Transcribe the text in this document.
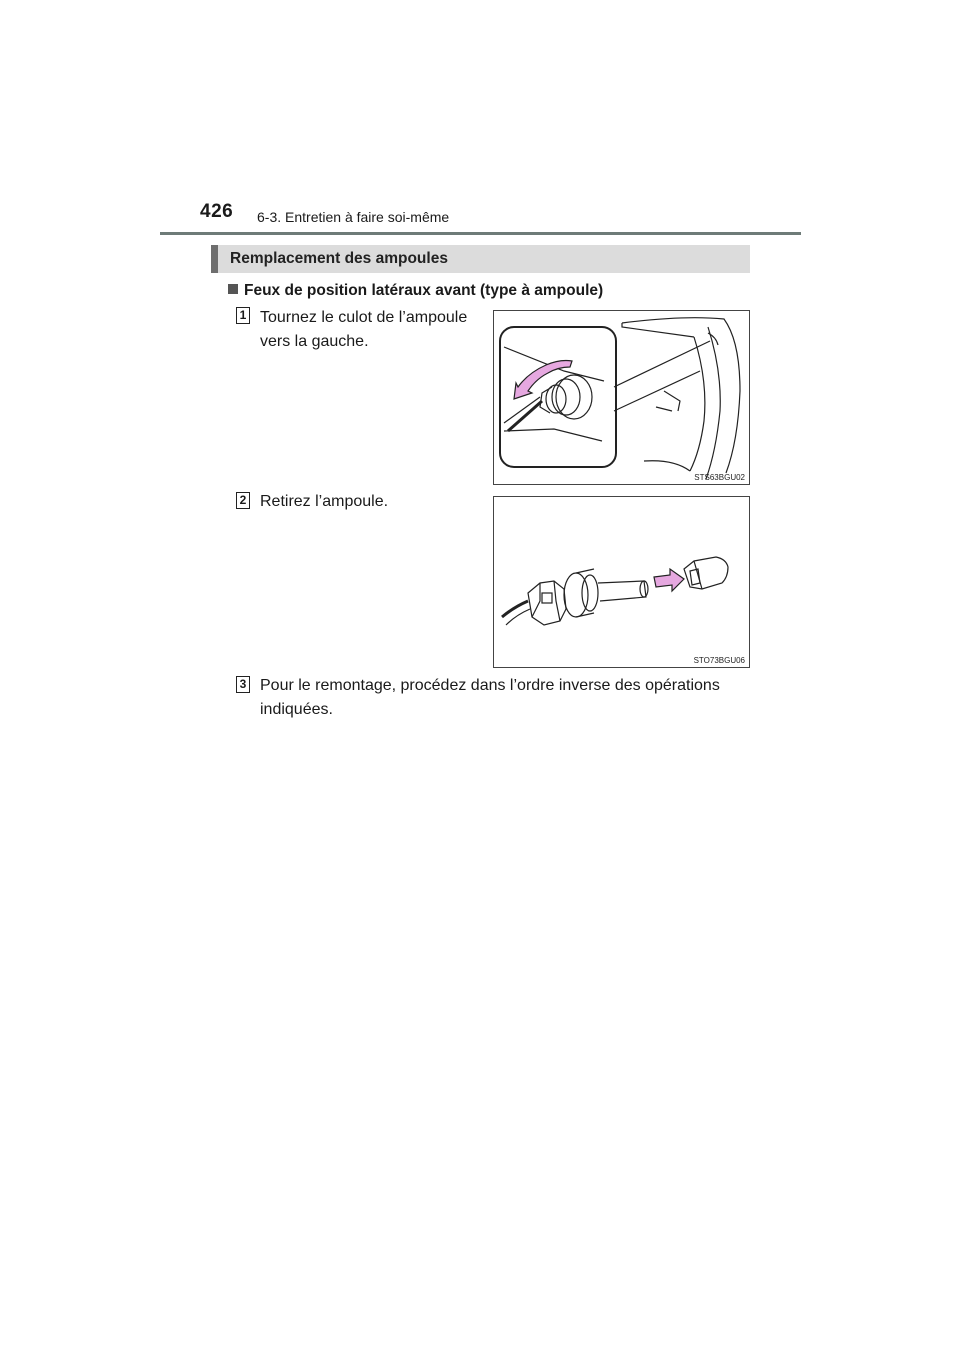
426 6-3. Entretien à faire soi-même
Remplacement des ampoules
Feux de position latéraux avant (type à ampoule)
1 Tournez le culot de l’ampoule
vers la gauche.
STS63BGU02
2 Retirez l’ampoule.
STO73BGU06
3 Pour le remontage, procédez dans l’ordre inverse des opérations
indiquées.
